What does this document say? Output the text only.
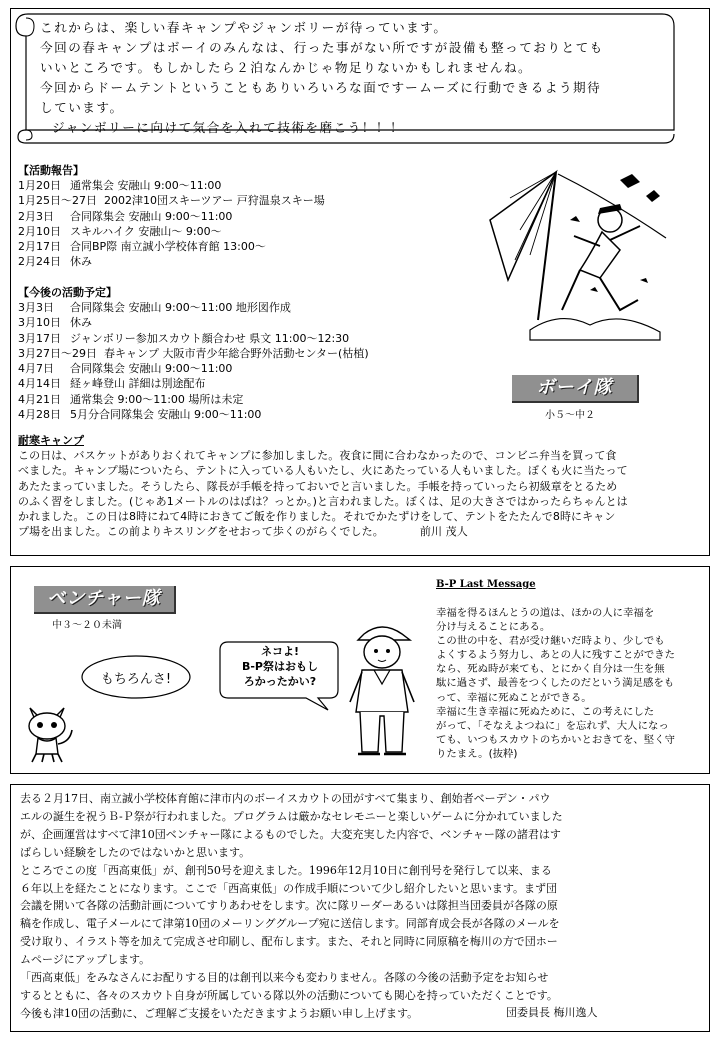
これからは、楽しい春キャンプやジャンボリーが待っています。
今回の春キャンプはボーイのみんなは、行った事がない所ですが設備も整っておりとても
いいところです。もしかしたら２泊なんかじゃ物足りないかもしれませんね。
今回からドームテントということもありいろいろな面ですームーズに行動できるよう期待
しています。
ジャンボリーに向けて気合を入れて技術を磨こう！！！
【活動報告】
1月20日 通常集会 安融山 9:00～11:00
1月25日～27日 2002津10団スキーツアー 戸狩温泉スキー場
2月3日 合同隊集会 安融山 9:00～11:00
2月10日 スキルハイク 安融山～ 9:00～
2月17日 合同BP際 南立誠小学校体育館 13:00～
2月24日 休み
【今後の活動予定】
3月3日 合同隊集会 安融山 9:00～11:00 地形図作成
3月10日 休み
3月17日 ジャンボリー参加スカウト顔合わせ 県文 11:00～12:30
3月27日～29日 春キャンプ 大阪市青少年総合野外活動センター(枯植)
4月7日 合同隊集会 安融山 9:00～11:00
4月14日 経ヶ峰登山 詳細は別途配布
4月21日 通常集会 9:00～11:00 場所は未定
4月28日 5月分合同隊集会 安融山 9:00～11:00
ボーイ隊
小５～中２
耐寒キャンプ
この日は、バスケットがありおくれてキャンプに参加しました。夜食に間に合わなかったので、コンビニ弁当を買って食
べました。キャンプ場についたら、テントに入っている人もいたし、火にあたっている人もいました。ぼくも火に当たって
あたたまっていました。そうしたら、隊長が手帳を持っておいでと言いました。手帳を持っていったら初級章をとるため
のふく習をしました。(じゃあ1メートルのはばは？っとか。)と言われました。ぼくは、足の大きさではかったらちゃんとは
かれました。この日は8時にねて4時におきてご飯を作りました。それでかたずけをして、テントをたたんで8時にキャン
プ場を出ました。この前よりキスリングをせおって歩くのがらくでした。	前川 茂人
ベンチャー隊
中３～２０未満
もちろんさ!
ネコよ!
B-P祭はおもし
ろかったかい?
B-P Last Message
幸福を得るほんとうの道は、ほかの人に幸福を
分け与えることにある。
この世の中を、君が受け継いだ時より、少しでも
よくするよう努力し、あとの人に残すことができた
なら、死ぬ時が来ても、とにかく自分は一生を無
駄に過さず、最善をつくしたのだという満足感をも
って、幸福に死ぬことができる。
幸福に生き幸福に死ぬために、この考えにした
がって、「そなえよつねに」を忘れず、大人になっ
ても、いつもスカウトのちかいとおきてを、堅く守
りたまえ。(抜粋)
去る２月17日、南立誠小学校体育館に津市内のボーイスカウトの団がすべて集まり、創始者ベーデン・パウ
エルの誕生を祝うＢ-Ｐ祭が行われました。プログラムは厳かなセレモニーと楽しいゲームに分かれていました
が、企画運営はすべて津10団ベンチャー隊によるものでした。大変充実した内容で、ベンチャー隊の諸君はす
ばらしい経験をしたのではないかと思います。
ところでこの度「西高東低」が、創刊50号を迎えました。1996年12月10日に創刊号を発行して以来、まる
６年以上を経たことになります。ここで「西高東低」の作成手順について少し紹介したいと思います。まず団
会議を開いて各隊の活動計画についてすりあわせをします。次に隊リーダーあるいは隊担当団委員が各隊の原
稿を作成し、電子メールにて津第10団のメーリンググループ宛に送信します。同部育成会長が各隊のメールを
受け取り、イラスト等を加えて完成させ印刷し、配布します。また、それと同時に同原稿を梅川の方で団ホー
ムページにアップします。
「西高東低」をみなさんにお配りする目的は創刊以来今も変わりません。各隊の今後の活動予定をお知らせ
するとともに、各々のスカウト自身が所属している隊以外の活動についても関心を持っていただくことです。
今後も津10団の活動に、ご理解ご支援をいただきますようお願い申し上げます。	団委員長 梅川逸人
